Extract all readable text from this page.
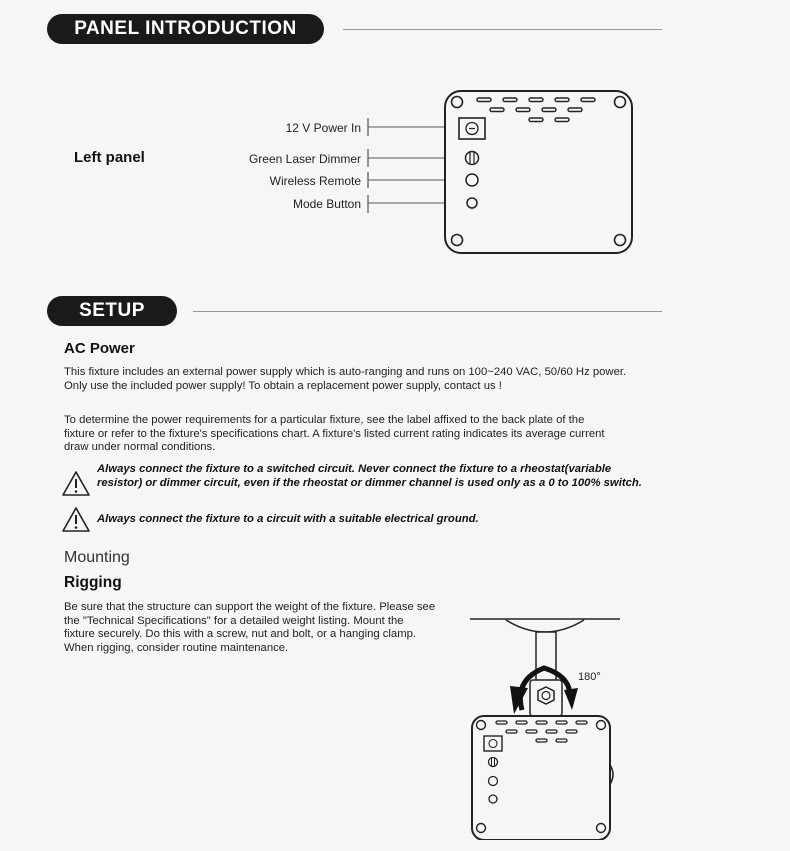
PANEL INTRODUCTION
Left panel
12 V Power In
Green Laser Dimmer
Wireless Remote
Mode Button
SETUP
AC Power
This fixture includes an external power supply which is auto-ranging and runs on 100~240 VAC, 50/60 Hz power. Only use the included power supply! To obtain a replacement power supply, contact us !
To determine the power requirements for a particular fixture, see the label affixed to the back plate of the fixture or refer to the fixture's specifications chart. A fixture's listed current rating indicates its average current draw under normal conditions.
Always connect the fixture to a switched circuit. Never connect the fixture to a rheostat(variable resistor) or dimmer circuit, even if the rheostat or dimmer channel is used only as a 0 to 100% switch.
Always connect the fixture to a circuit with a suitable electrical ground.
Mounting
Rigging
Be sure that the structure can support the weight of the fixture. Please see the "Technical Specifications" for a detailed weight listing. Mount the fixture securely. Do this with a screw, nut and bolt, or a hanging clamp. When rigging, consider routine maintenance.
180°
